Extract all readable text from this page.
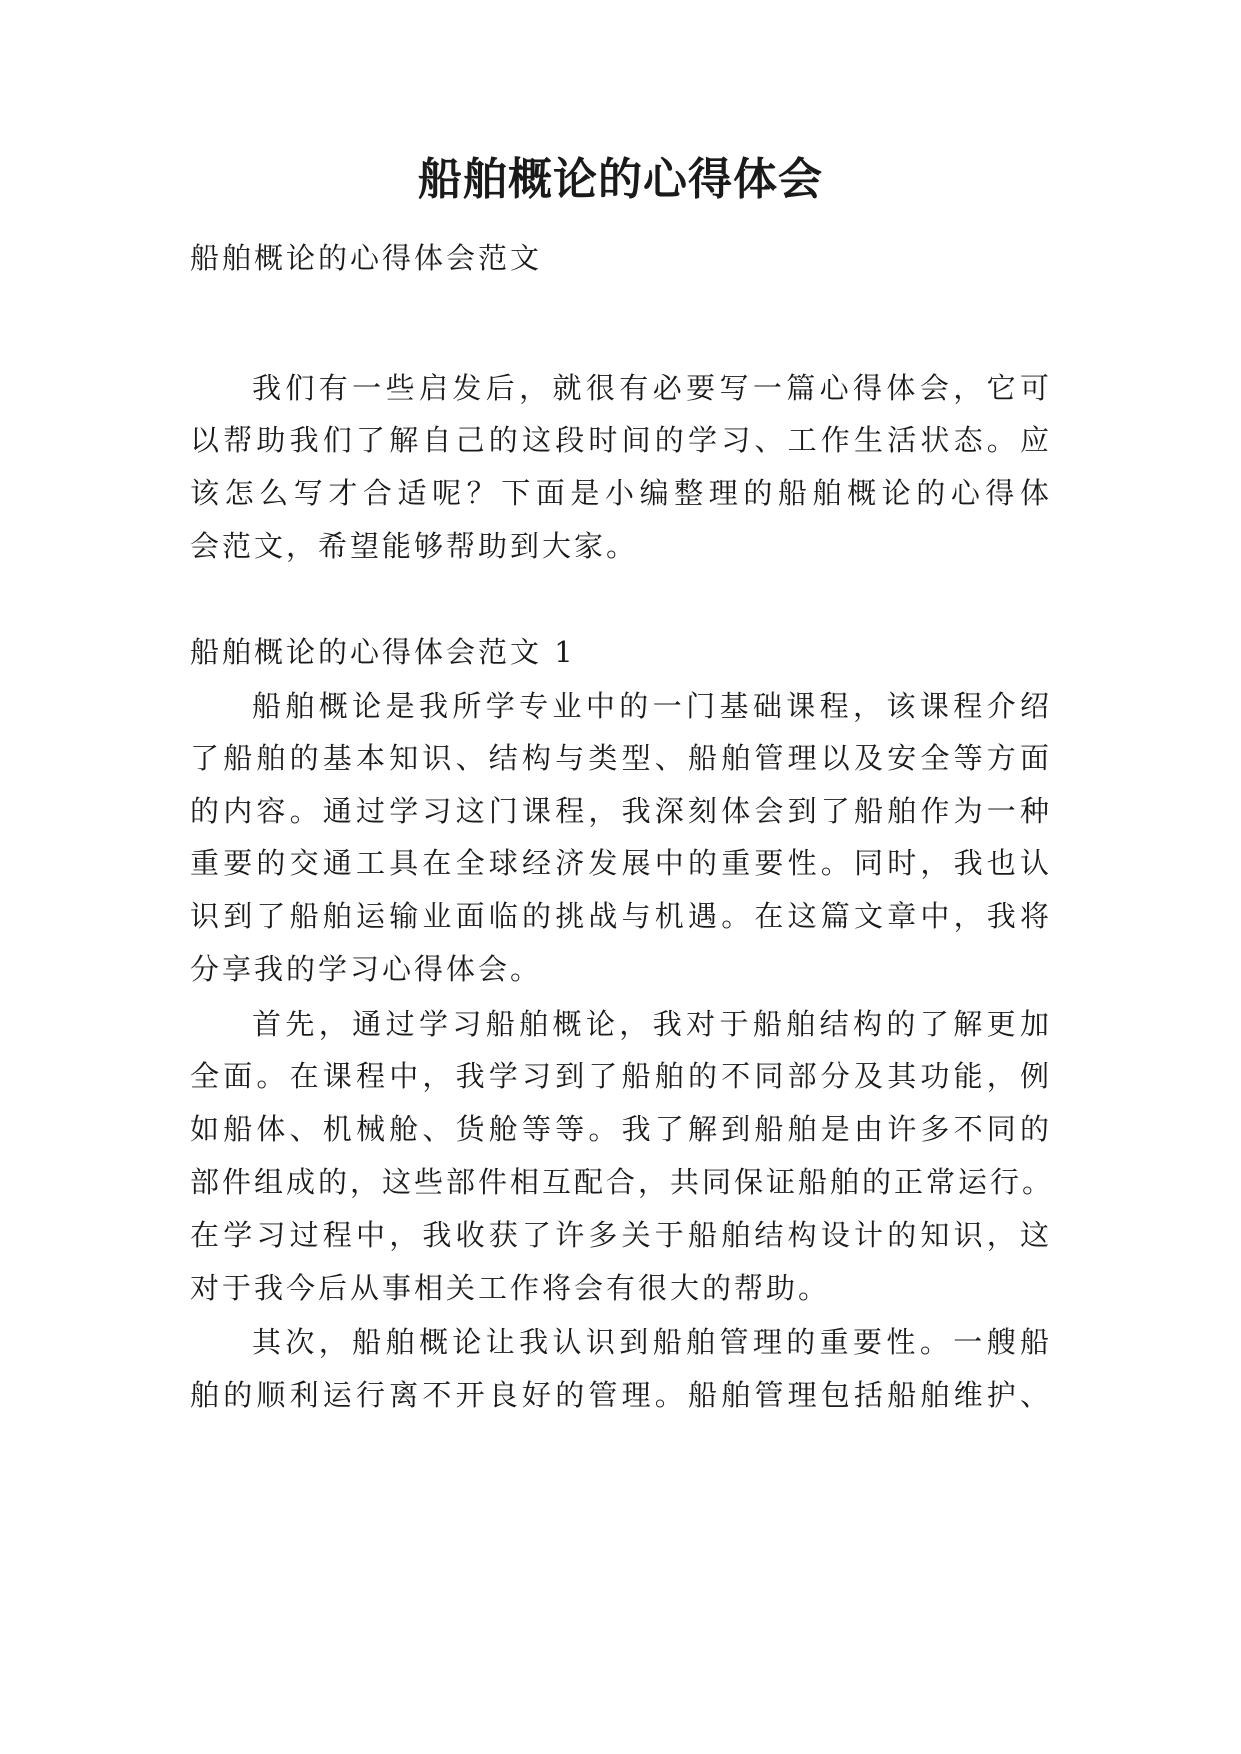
船舶概论的心得体会
船舶概论的心得体会范文
我们有一些启发后，就很有必要写一篇心得体会，它可
以帮助我们了解自己的这段时间的学习、工作生活状态。应
该怎么写才合适呢？下面是小编整理的船舶概论的心得体
会范文，希望能够帮助到大家。
船舶概论的心得体会范文 1
船舶概论是我所学专业中的一门基础课程，该课程介绍
了船舶的基本知识、结构与类型、船舶管理以及安全等方面
的内容。通过学习这门课程，我深刻体会到了船舶作为一种
重要的交通工具在全球经济发展中的重要性。同时，我也认
识到了船舶运输业面临的挑战与机遇。在这篇文章中，我将
分享我的学习心得体会。
首先，通过学习船舶概论，我对于船舶结构的了解更加
全面。在课程中，我学习到了船舶的不同部分及其功能，例
如船体、机械舱、货舱等等。我了解到船舶是由许多不同的
部件组成的，这些部件相互配合，共同保证船舶的正常运行。
在学习过程中，我收获了许多关于船舶结构设计的知识，这
对于我今后从事相关工作将会有很大的帮助。
其次，船舶概论让我认识到船舶管理的重要性。一艘船
舶的顺利运行离不开良好的管理。船舶管理包括船舶维护、
